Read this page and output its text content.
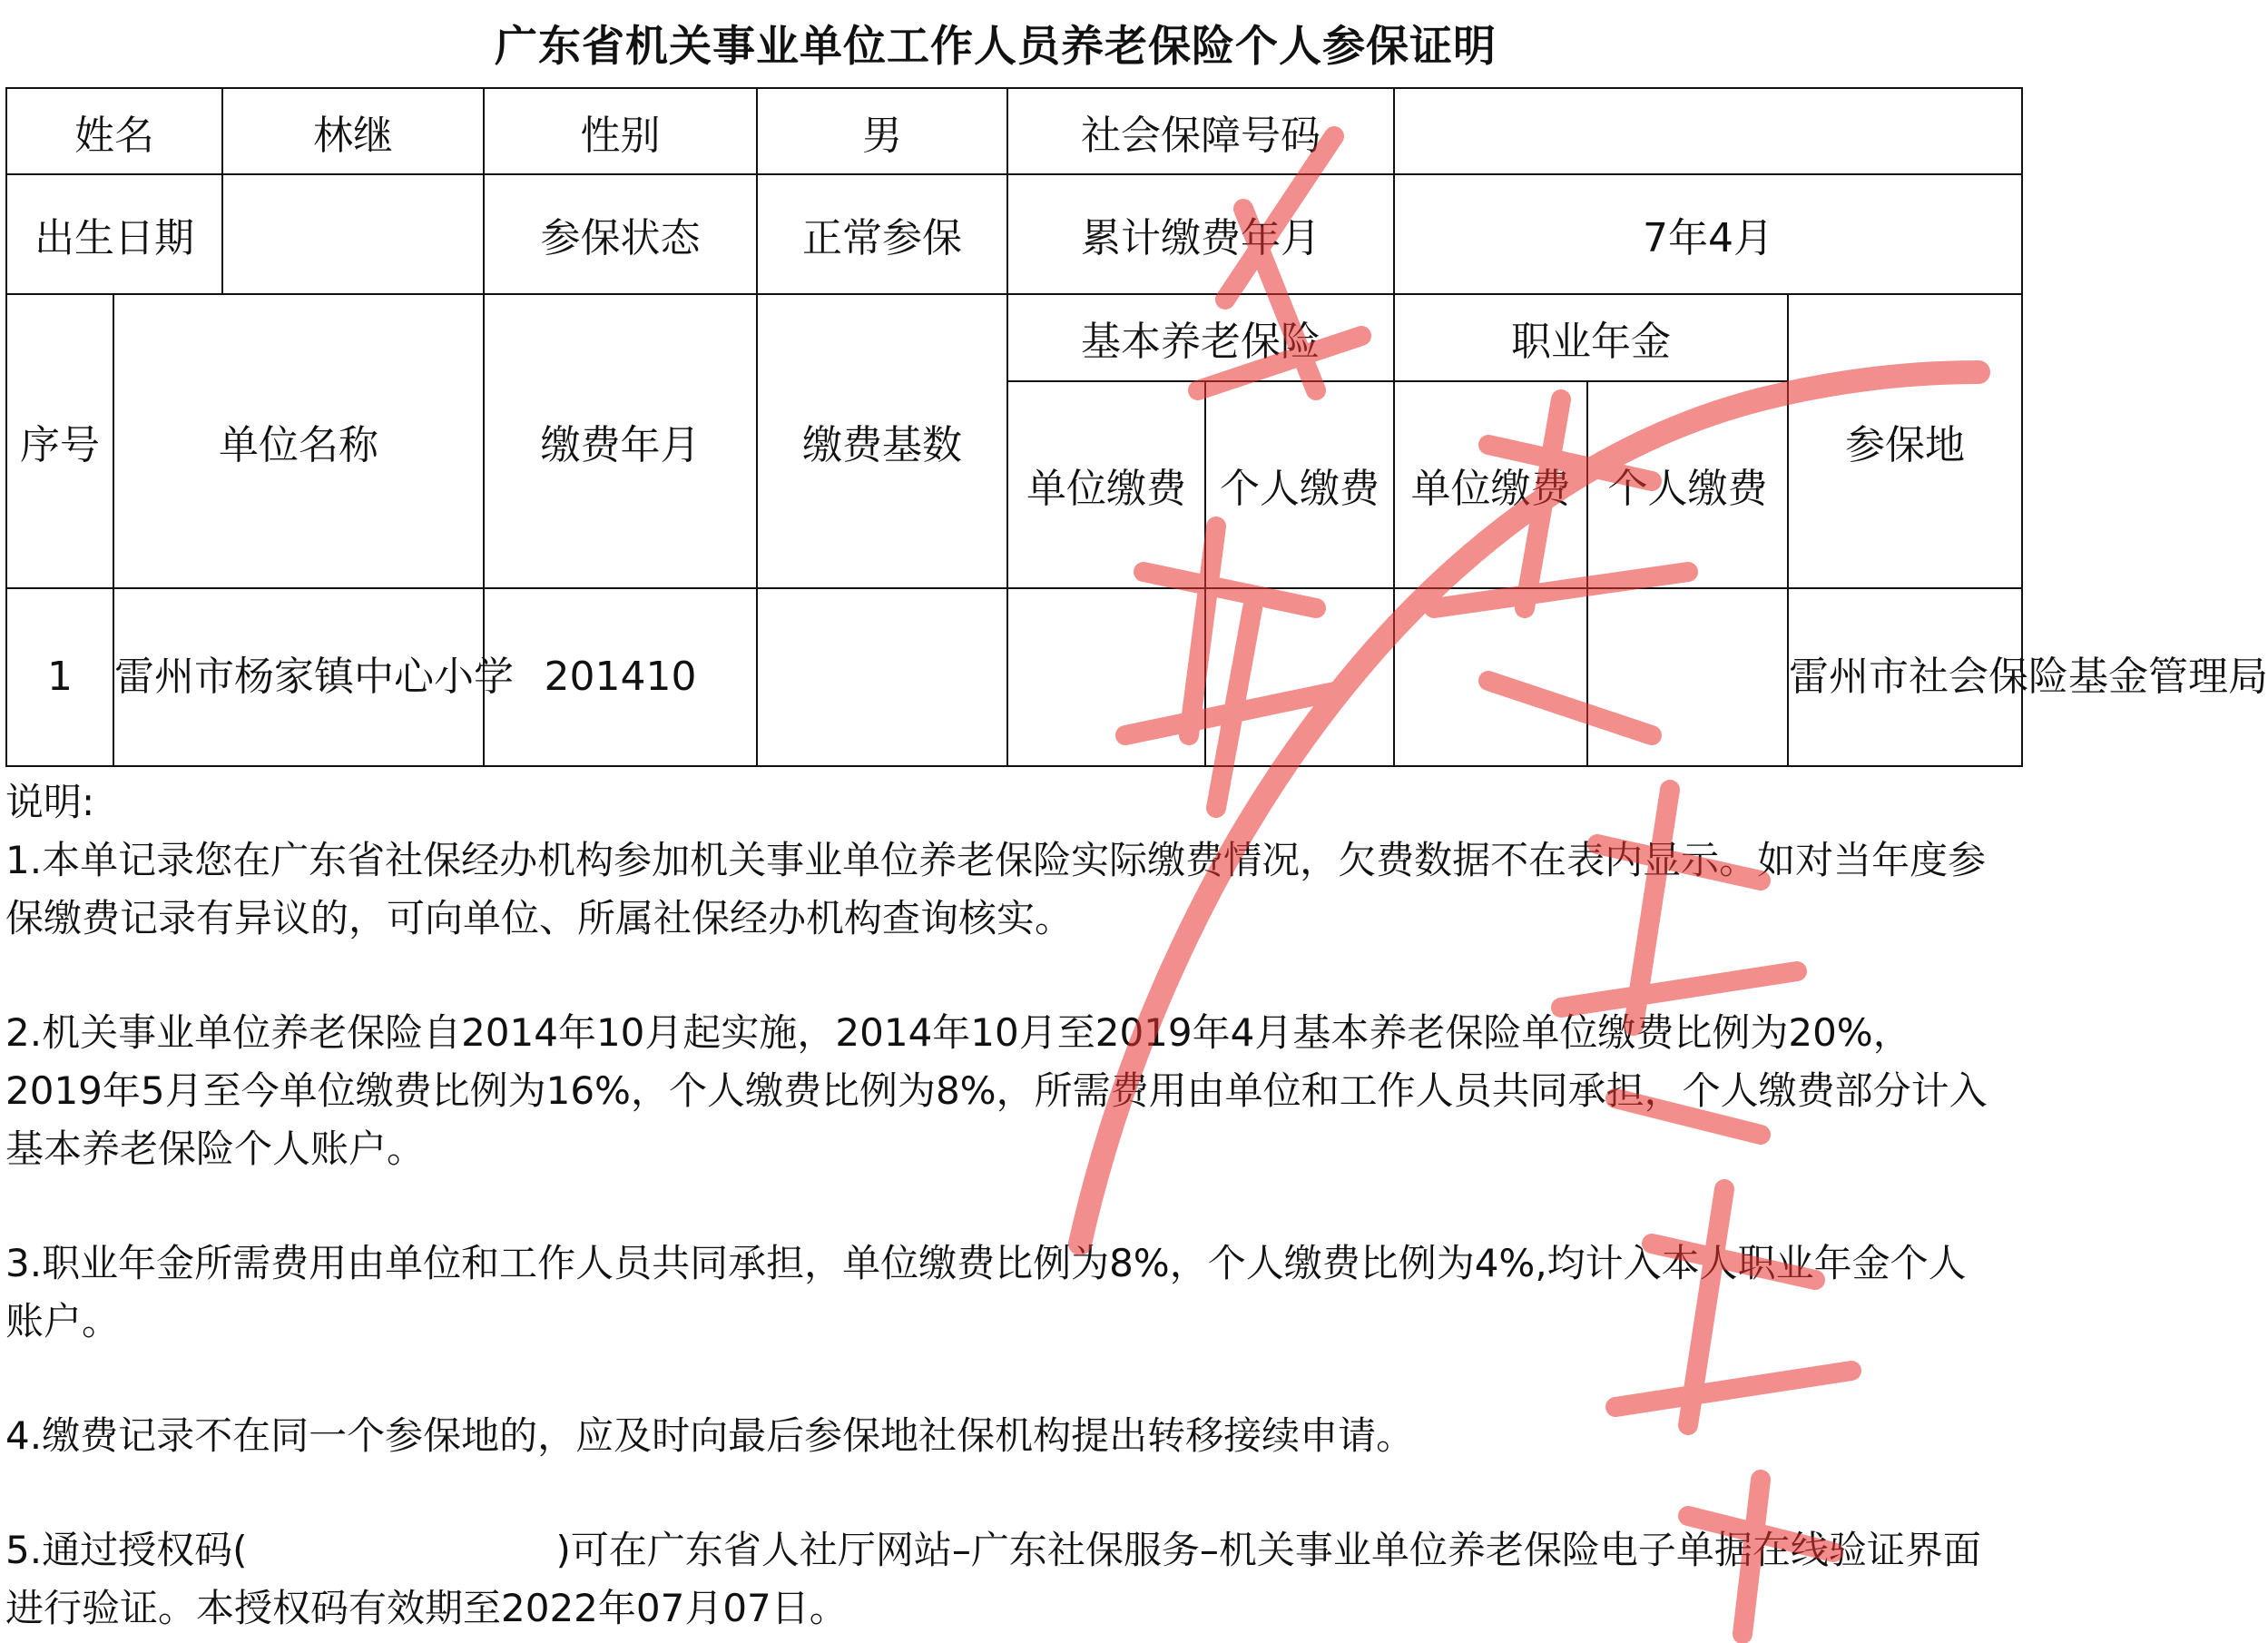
广东省机关事业单位工作人员养老保险个人参保证明
姓名		林继	性别	男	社会保障号码				
出生日期			参保状态	正常参保	累计缴费年月		7年4月		
序号	单位名称		缴费年月	缴费基数	基本养老保险		职业年金		参保地
					单位缴费	个人缴费	单位缴费	个人缴费	
1	雷州市杨家镇中心小学		201410						雷州市社会保险基金管理局

说明:

1.本单记录您在广东省社保经办机构参加机关事业单位养老保险实际缴费情况，欠费数据不在表内显示。如对当年度参保缴费记录有异议的，可向单位、所属社保经办机构查询核实。

2.机关事业单位养老保险自2014年10月起实施，2014年10月至2019年4月基本养老保险单位缴费比例为20%，2019年5月至今单位缴费比例为16%，个人缴费比例为8%，所需费用由单位和工作人员共同承担，个人缴费部分计入基本养老保险个人账户。

3.职业年金所需费用由单位和工作人员共同承担，单位缴费比例为8%，个人缴费比例为4%,均计入本人职业年金个人账户。

4.缴费记录不在同一个参保地的，应及时向最后参保地社保机构提出转移接续申请。

5.通过授权码(	)可在广东省人社厅网站–广东社保服务–机关事业单位养老保险电子单据在线验证界面进行验证。本授权码有效期至2022年07月07日。
